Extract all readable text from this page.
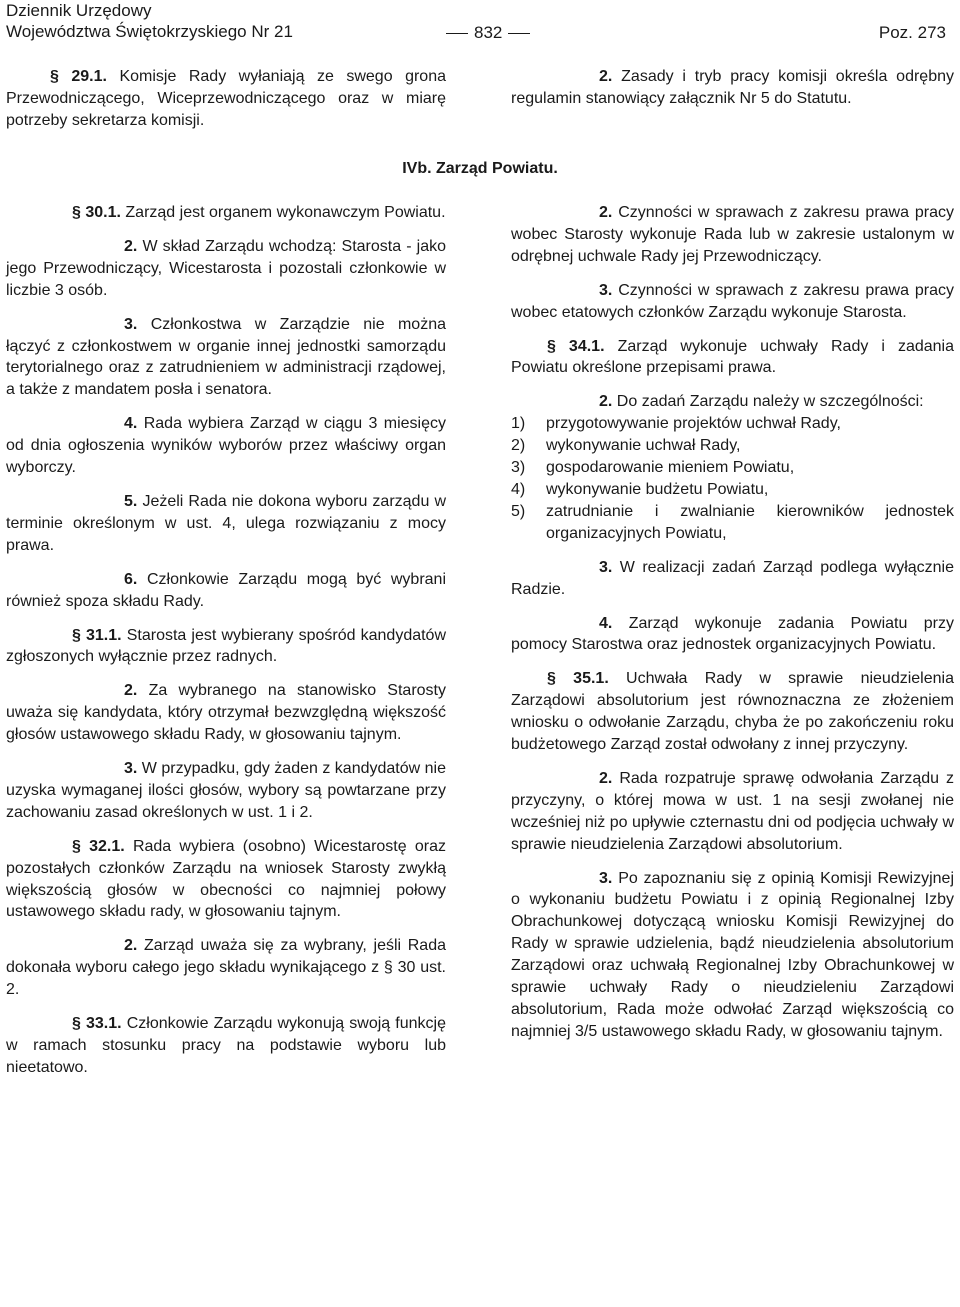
Dziennik Urzędowy
Województwa Świętokrzyskiego Nr 21	832	Poz. 273

§ 29.1. Komisje Rady wyłaniają ze swego grona Przewodniczącego, Wiceprzewodniczącego oraz w miarę potrzeby sekretarza komisji.

2. Zasady i tryb pracy komisji określa odrębny regulamin stanowiący załącznik Nr 5 do Statutu.

IVb. Zarząd Powiatu.

§ 30.1. Zarząd jest organem wykonawczym Powiatu.

2. W skład Zarządu wchodzą: Starosta - jako jego Przewodniczący, Wicestarosta i pozostali członkowie w liczbie 3 osób.

3. Członkostwa w Zarządzie nie można łączyć z członkostwem w organie innej jednostki samorządu terytorialnego oraz z zatrudnieniem w administracji rządowej, a także z mandatem posła i senatora.

4. Rada wybiera Zarząd w ciągu 3 miesięcy od dnia ogłoszenia wyników wyborów przez właściwy organ wyborczy.

5. Jeżeli Rada nie dokona wyboru zarządu w terminie określonym w ust. 4, ulega rozwiązaniu z mocy prawa.

6. Członkowie Zarządu mogą być wybrani również spoza składu Rady.

§ 31.1. Starosta jest wybierany spośród kandydatów zgłoszonych wyłącznie przez radnych.

2. Za wybranego na stanowisko Starosty uważa się kandydata, który otrzymał bezwzględną większość głosów ustawowego składu Rady, w głosowaniu tajnym.

3. W przypadku, gdy żaden z kandydatów nie uzyska wymaganej ilości głosów, wybory są powtarzane przy zachowaniu zasad określonych w ust. 1 i 2.

§ 32.1. Rada wybiera (osobno) Wicestarostę oraz pozostałych członków Zarządu na wniosek Starosty zwykłą większością głosów w obecności co najmniej połowy ustawowego składu rady, w głosowaniu tajnym.

2. Zarząd uważa się za wybrany, jeśli Rada dokonała wyboru całego jego składu wynikającego z § 30 ust. 2.

§ 33.1. Członkowie Zarządu wykonują swoją funkcję w ramach stosunku pracy na podstawie wyboru lub nieetatowo.

2. Czynności w sprawach z zakresu prawa pracy wobec Starosty wykonuje Rada lub w zakresie ustalonym w odrębnej uchwale Rady jej Przewodniczący.

3. Czynności w sprawach z zakresu prawa pracy wobec etatowych członków Zarządu wykonuje Starosta.

§ 34.1. Zarząd wykonuje uchwały Rady i zadania Powiatu określone przepisami prawa.

2. Do zadań Zarządu należy w szczególności:

1) przygotowywanie projektów uchwał Rady,
2) wykonywanie uchwał Rady,
3) gospodarowanie mieniem Powiatu,
4) wykonywanie budżetu Powiatu,
5) zatrudnianie i zwalnianie kierowników jednostek organizacyjnych Powiatu,

3. W realizacji zadań Zarząd podlega wyłącznie Radzie.

4. Zarząd wykonuje zadania Powiatu przy pomocy Starostwa oraz jednostek organizacyjnych Powiatu.

§ 35.1. Uchwała Rady w sprawie nieudzielenia Zarządowi absolutorium jest równoznaczna ze złożeniem wniosku o odwołanie Zarządu, chyba że po zakończeniu roku budżetowego Zarząd został odwołany z innej przyczyny.

2. Rada rozpatruje sprawę odwołania Zarządu z przyczyny, o której mowa w ust. 1 na sesji zwołanej nie wcześniej niż po upływie czternastu dni od podjęcia uchwały w sprawie nieudzielenia Zarządowi absolutorium.

3. Po zapoznaniu się z opinią Komisji Rewizyjnej o wykonaniu budżetu Powiatu i z opinią Regionalnej Izby Obrachunkowej dotyczącą wniosku Komisji Rewizyjnej do Rady w sprawie udzielenia, bądź nieudzielenia absolutorium Zarządowi oraz uchwałą Regionalnej Izby Obrachunkowej w sprawie uchwały Rady o nieudzieleniu Zarządowi absolutorium, Rada może odwołać Zarząd większością co najmniej 3/5 ustawowego składu Rady, w głosowaniu tajnym.
